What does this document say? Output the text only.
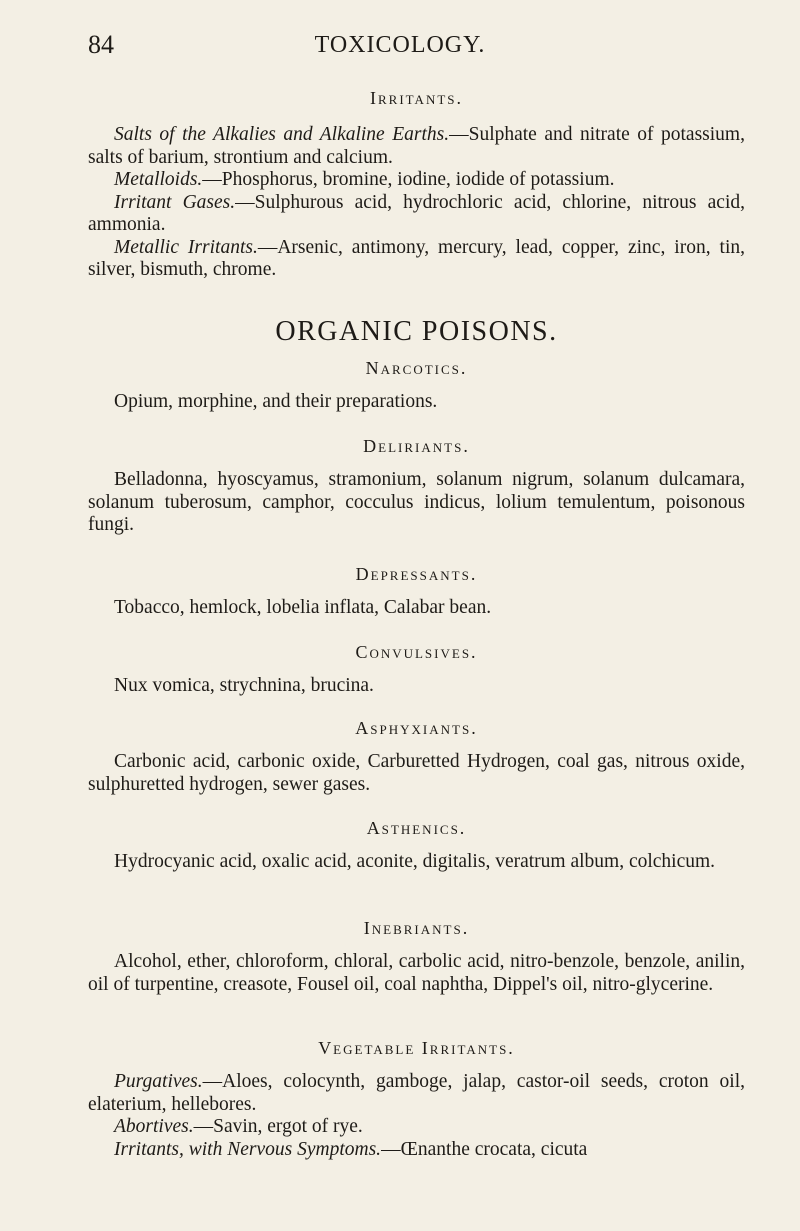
84	TOXICOLOGY.

Irritants.

Salts of the Alkalies and Alkaline Earths.—Sulphate and nitrate of potassium, salts of barium, strontium and calcium.

Metalloids.—Phosphorus, bromine, iodine, iodide of potassium.

Irritant Gases.—Sulphurous acid, hydrochloric acid, chlorine, nitrous acid, ammonia.

Metallic Irritants.—Arsenic, antimony, mercury, lead, copper, zinc, iron, tin, silver, bismuth, chrome.

ORGANIC POISONS.

Narcotics.

Opium, morphine, and their preparations.

Deliriants.

Belladonna, hyoscyamus, stramonium, solanum nigrum, solanum dulcamara, solanum tuberosum, camphor, cocculus indicus, lolium temulentum, poisonous fungi.

Depressants.

Tobacco, hemlock, lobelia inflata, Calabar bean.

Convulsives.

Nux vomica, strychnina, brucina.

Asphyxiants.

Carbonic acid, carbonic oxide, Carburetted Hydrogen, coal gas, nitrous oxide, sulphuretted hydrogen, sewer gases.

Asthenics.

Hydrocyanic acid, oxalic acid, aconite, digitalis, veratrum album, colchicum.

Inebriants.

Alcohol, ether, chloroform, chloral, carbolic acid, nitro-benzole, benzole, anilin, oil of turpentine, creasote, Fousel oil, coal naphtha, Dippel's oil, nitro-glycerine.

Vegetable Irritants.

Purgatives.—Aloes, colocynth, gamboge, jalap, castor-oil seeds, croton oil, elaterium, hellebores.

Abortives.—Savin, ergot of rye.

Irritants, with Nervous Symptoms.—Œnanthe crocata, cicuta
